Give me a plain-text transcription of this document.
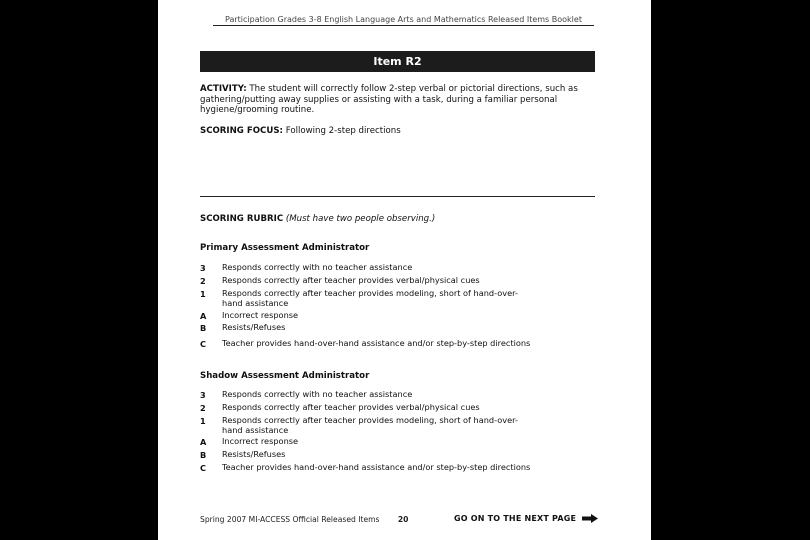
Participation Grades 3-8 English Language Arts and Mathematics Released Items Booklet
Item R2
ACTIVITY: The student will correctly follow 2-step verbal or pictorial directions, such as gathering/putting away supplies or assisting with a task, during a familiar personal hygiene/grooming routine.
SCORING FOCUS: Following 2-step directions
SCORING RUBRIC (Must have two people observing.)
Primary Assessment Administrator
3	Responds correctly with no teacher assistance
2	Responds correctly after teacher provides verbal/physical cues
1	Responds correctly after teacher provides modeling, short of hand-over-hand assistance
A	Incorrect response
B	Resists/Refuses
C	Teacher provides hand-over-hand assistance and/or step-by-step directions
Shadow Assessment Administrator
3	Responds correctly with no teacher assistance
2	Responds correctly after teacher provides verbal/physical cues
1	Responds correctly after teacher provides modeling, short of hand-over-hand assistance
A	Incorrect response
B	Resists/Refuses
C	Teacher provides hand-over-hand assistance and/or step-by-step directions
Spring 2007 MI-ACCESS Official Released Items 20	GO ON TO THE NEXT PAGE
